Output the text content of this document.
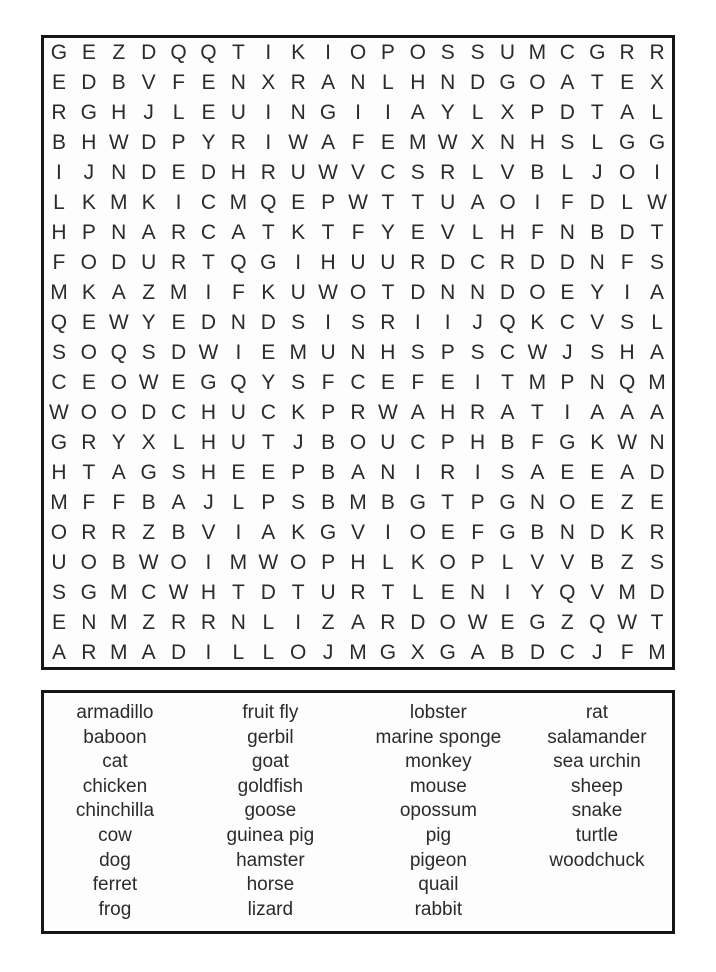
G E Z D Q Q T I K I O P O S S U M C G R R
E D B V F E N X R A N L H N D G O A T E X
R G H J L E U I N G I	I A Y L X P D T A L
B H W D P Y R I W A F E M W X N H S L G G
I	J N D E D H R U W V C S R L V B L J O I
L K M K I C M Q E P W T T U A O I F D L W
H P N A R C A T K T F Y E V L H F N B D T
F O D U R T Q G I H U U R D C R D D N F S
M K A Z M I F K U W O T D N N D O E Y I A
Q E W Y E D N D S I S R I	I	J Q K C V S L
S O Q S D W I E M U N H S P S C W J S H A
C E O W E G Q Y S F C E F E I T M P N Q M
W O O D C H U C K P R W A H R A T I A A A
G R Y X L H U T J B O U C P H B F G K W N
H T A G S H E E P B A N I R I S A E E A D
M F F B A J L P S B M B G T P G N O E Z E
O R R Z B V I A K G V I O E F G B N D K R
U O B W O I M W O P H L K O P L V V B Z S
S G M C W H T D T U R T L E N I Y Q V M D
E N M Z R R N L	I Z A R D O W E G Z Q W T
A R M A D I	L L O J M G X G A B D C J F M
armadillo
baboon
cat
chicken
chinchilla
cow
dog
ferret
frog
fruit fly
gerbil
goat
goldfish
goose
guinea pig
hamster
horse
lizard
lobster
marine sponge
monkey
mouse
opossum
pig
pigeon
quail
rabbit
rat
salamander
sea urchin
sheep
snake
turtle
woodchuck
